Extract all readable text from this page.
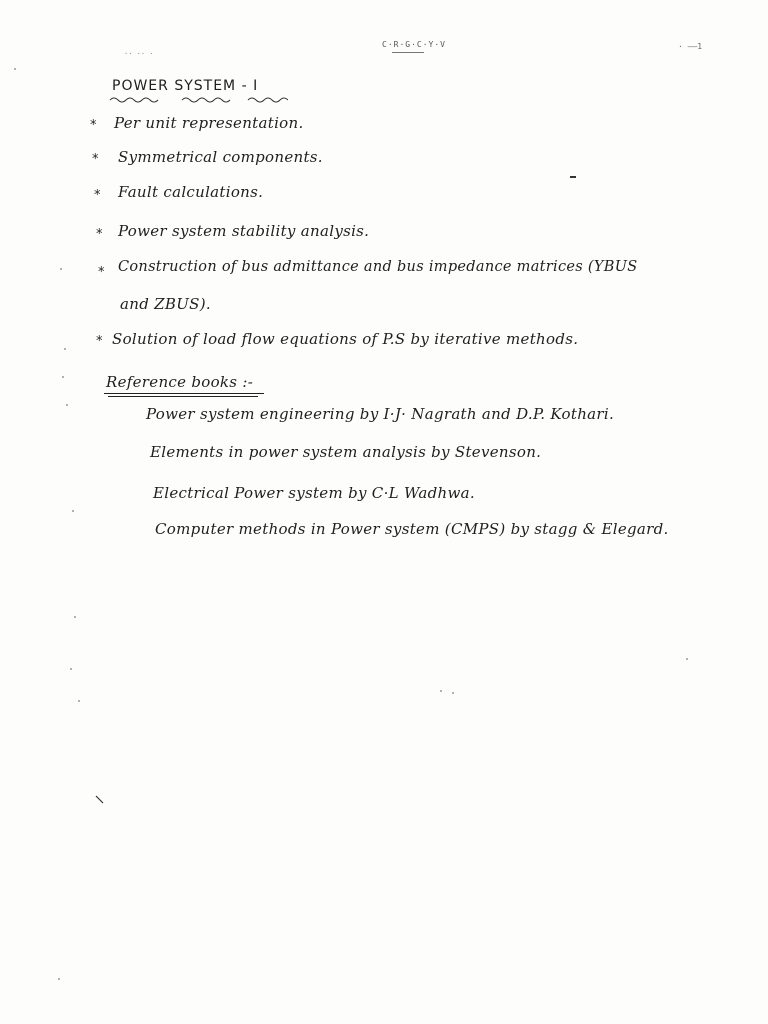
C·R·G·C·Y·V
·· ·· ·
· ––1
POWER SYSTEM - I
* Per unit representation.
* Symmetrical components.
* Fault calculations.
* Power system stability analysis.
* Construction of bus admittance and bus impedance matrices (YBUS
and ZBUS).
* Solution of load flow equations of P.S by iterative methods.
Reference books :-
Power system engineering by I·J· Nagrath and D.P. Kothari.
Elements in power system analysis by Stevenson.
Electrical Power system by C·L Wadhwa.
Computer methods in Power system (CMPS) by stagg & Elegard.
